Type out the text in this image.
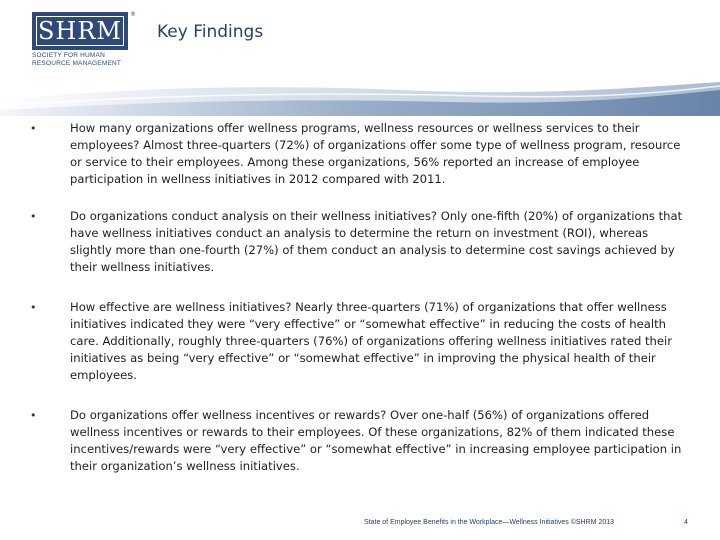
SHRM
®
SOCIETY FOR HUMAN
RESOURCE MANAGEMENT
Key Findings
•	How many organizations offer wellness programs, wellness resources or wellness services to their employees? Almost three-quarters (72%) of organizations offer some type of wellness program, resource or service to their employees. Among these organizations, 56% reported an increase of employee participation in wellness initiatives in 2012 compared with 2011.

•	Do organizations conduct analysis on their wellness initiatives? Only one-fifth (20%) of organizations that have wellness initiatives conduct an analysis to determine the return on investment (ROI), whereas slightly more than one-fourth (27%) of them conduct an analysis to determine cost savings achieved by their wellness initiatives.

•	How effective are wellness initiatives? Nearly three-quarters (71%) of organizations that offer wellness initiatives indicated they were “very effective” or “somewhat effective” in reducing the costs of health care. Additionally, roughly three-quarters (76%) of organizations offering wellness initiatives rated their initiatives as being “very effective” or “somewhat effective” in improving the physical health of their employees.

•	Do organizations offer wellness incentives or rewards? Over one-half (56%) of organizations offered wellness incentives or rewards to their employees. Of these organizations, 82% of them indicated these incentives/rewards were “very effective” or “somewhat effective” in increasing employee participation in their organization’s wellness initiatives.

State of Employee Benefits in the Workplace—Wellness Initiatives ©SHRM 2013	4
